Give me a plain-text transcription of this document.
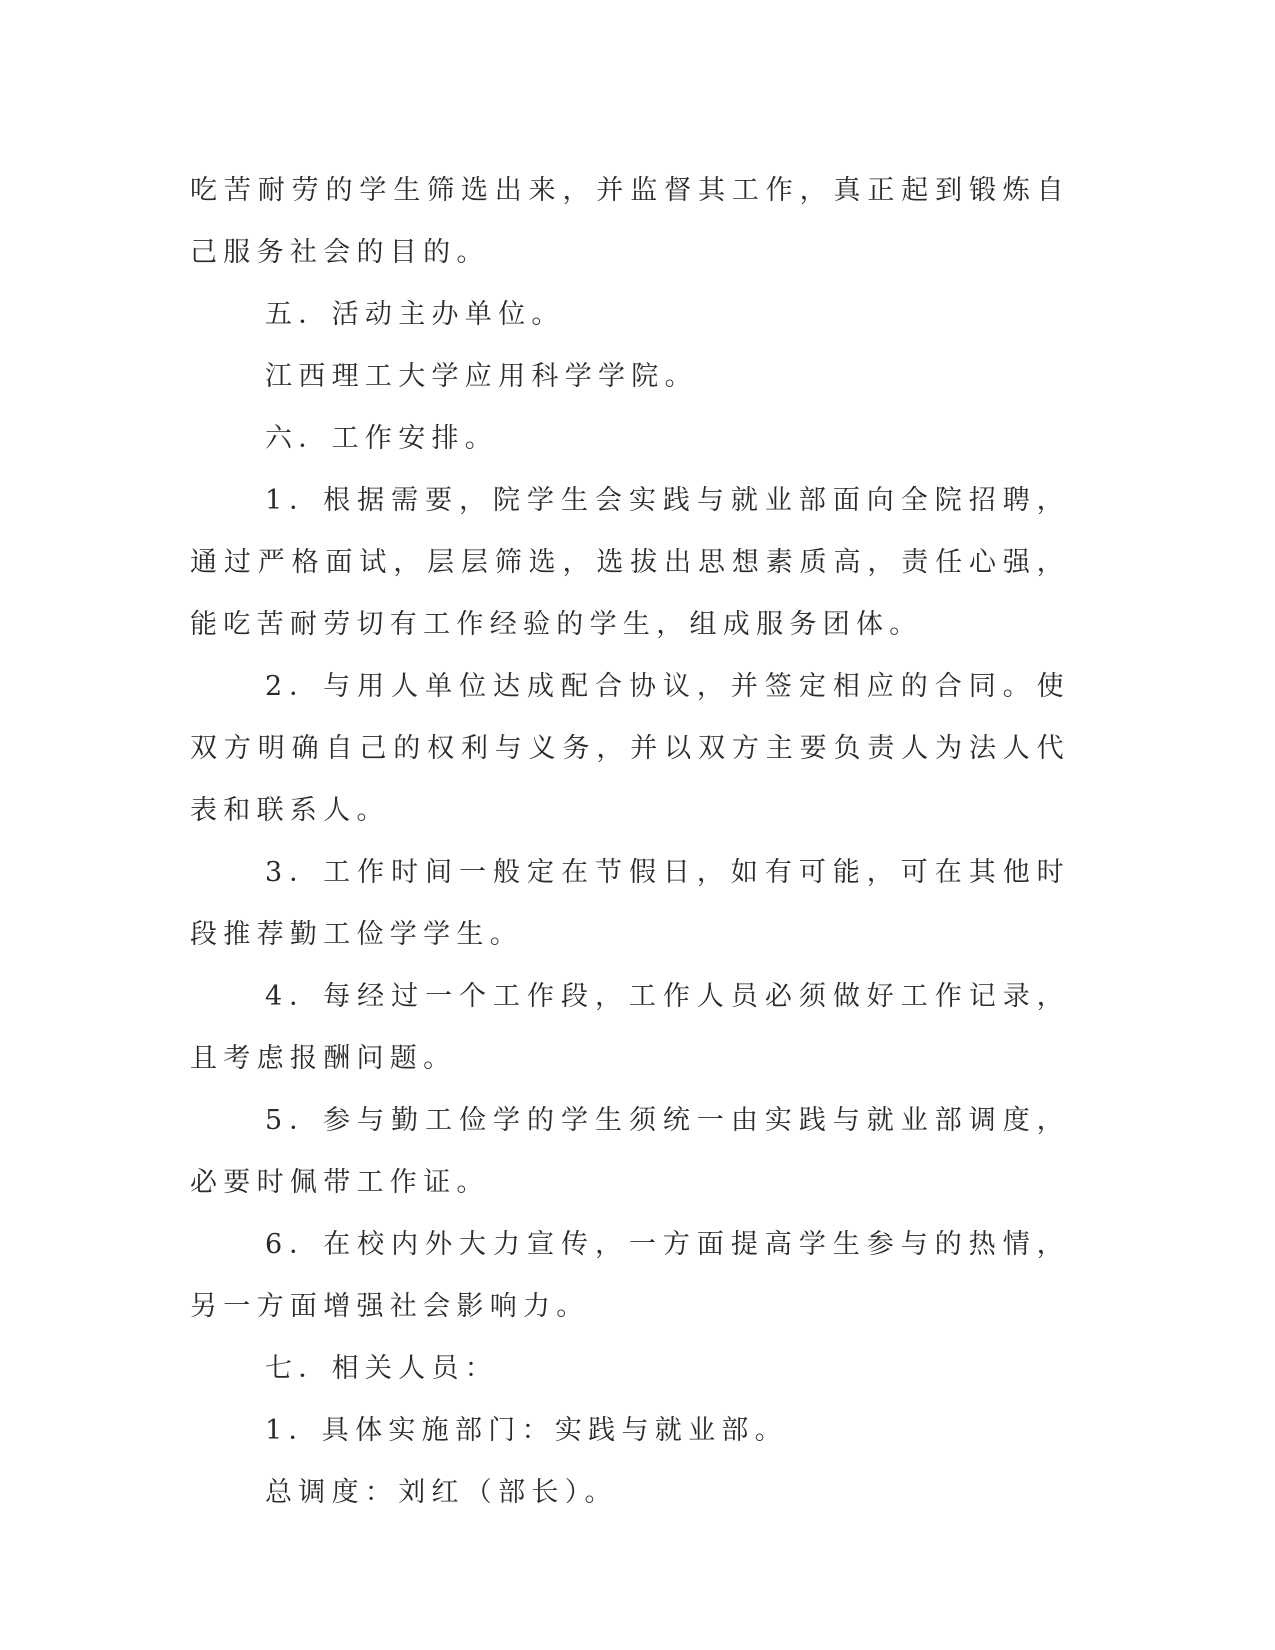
吃苦耐劳的学生筛选出来，并监督其工作，真正起到锻炼自己服务社会的目的。

五．活动主办单位。

江西理工大学应用科学学院。

六．工作安排。

1．根据需要，院学生会实践与就业部面向全院招聘，通过严格面试，层层筛选，选拔出思想素质高，责任心强，能吃苦耐劳切有工作经验的学生，组成服务团体。

2．与用人单位达成配合协议，并签定相应的合同。使双方明确自己的权利与义务，并以双方主要负责人为法人代表和联系人。

3．工作时间一般定在节假日，如有可能，可在其他时段推荐勤工俭学学生。

4．每经过一个工作段，工作人员必须做好工作记录，且考虑报酬问题。

5．参与勤工俭学的学生须统一由实践与就业部调度，必要时佩带工作证。

6．在校内外大力宣传，一方面提高学生参与的热情，另一方面增强社会影响力。

七．相关人员：

1．具体实施部门：实践与就业部。

总调度：刘红（部长）。
